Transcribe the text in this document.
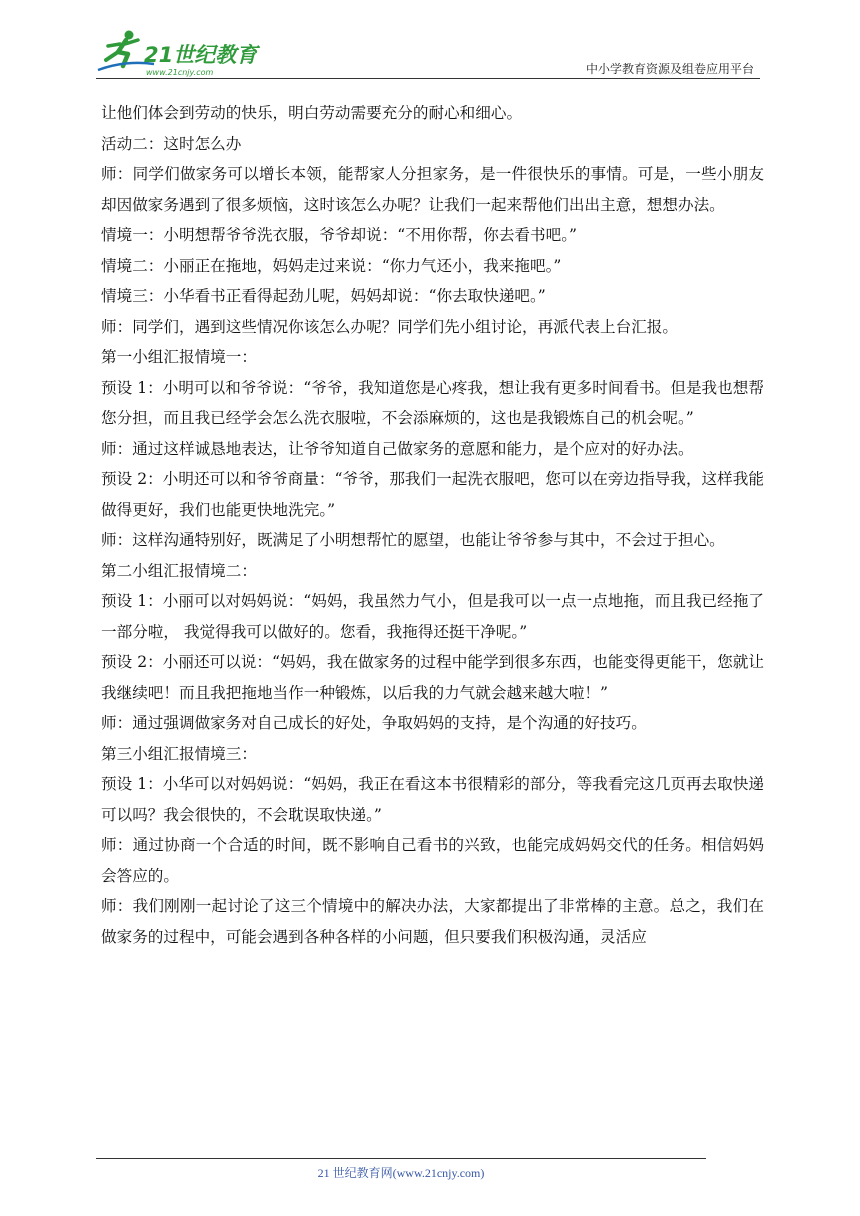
21世纪教育
www.21cnjy.com	中小学教育资源及组卷应用平台

让他们体会到劳动的快乐，明白劳动需要充分的耐心和细心。

活动二：这时怎么办

师：同学们做家务可以增长本领，能帮家人分担家务，是一件很快乐的事情。可是，一些小朋友却因做家务遇到了很多烦恼，这时该怎么办呢？让我们一起来帮他们出出主意，想想办法。

情境一：小明想帮爷爷洗衣服，爷爷却说：“不用你帮，你去看书吧。”

情境二：小丽正在拖地，妈妈走过来说：“你力气还小，我来拖吧。”

情境三：小华看书正看得起劲儿呢，妈妈却说：“你去取快递吧。”

师：同学们，遇到这些情况你该怎么办呢？同学们先小组讨论，再派代表上台汇报。

第一小组汇报情境一：

预设 1：小明可以和爷爷说：“爷爷，我知道您是心疼我，想让我有更多时间看书。但是我也想帮您分担，而且我已经学会怎么洗衣服啦，不会添麻烦的，这也是我锻炼自己的机会呢。”

师：通过这样诚恳地表达，让爷爷知道自己做家务的意愿和能力，是个应对的好办法。

预设 2：小明还可以和爷爷商量：“爷爷，那我们一起洗衣服吧，您可以在旁边指导我，这样我能做得更好，我们也能更快地洗完。”

师：这样沟通特别好，既满足了小明想帮忙的愿望，也能让爷爷参与其中，不会过于担心。

第二小组汇报情境二：

预设 1：小丽可以对妈妈说：“妈妈，我虽然力气小，但是我可以一点一点地拖，而且我已经拖了一部分啦， 我觉得我可以做好的。您看，我拖得还挺干净呢。”

预设 2：小丽还可以说：“妈妈，我在做家务的过程中能学到很多东西，也能变得更能干，您就让我继续吧！而且我把拖地当作一种锻炼，以后我的力气就会越来越大啦！”

师：通过强调做家务对自己成长的好处，争取妈妈的支持，是个沟通的好技巧。

第三小组汇报情境三：

预设 1：小华可以对妈妈说：“妈妈，我正在看这本书很精彩的部分，等我看完这几页再去取快递可以吗？我会很快的，不会耽误取快递。”

师：通过协商一个合适的时间，既不影响自己看书的兴致，也能完成妈妈交代的任务。相信妈妈会答应的。

师：我们刚刚一起讨论了这三个情境中的解决办法，大家都提出了非常棒的主意。总之，我们在做家务的过程中，可能会遇到各种各样的小问题，但只要我们积极沟通，灵活应

21 世纪教育网(www.21cnjy.com)
